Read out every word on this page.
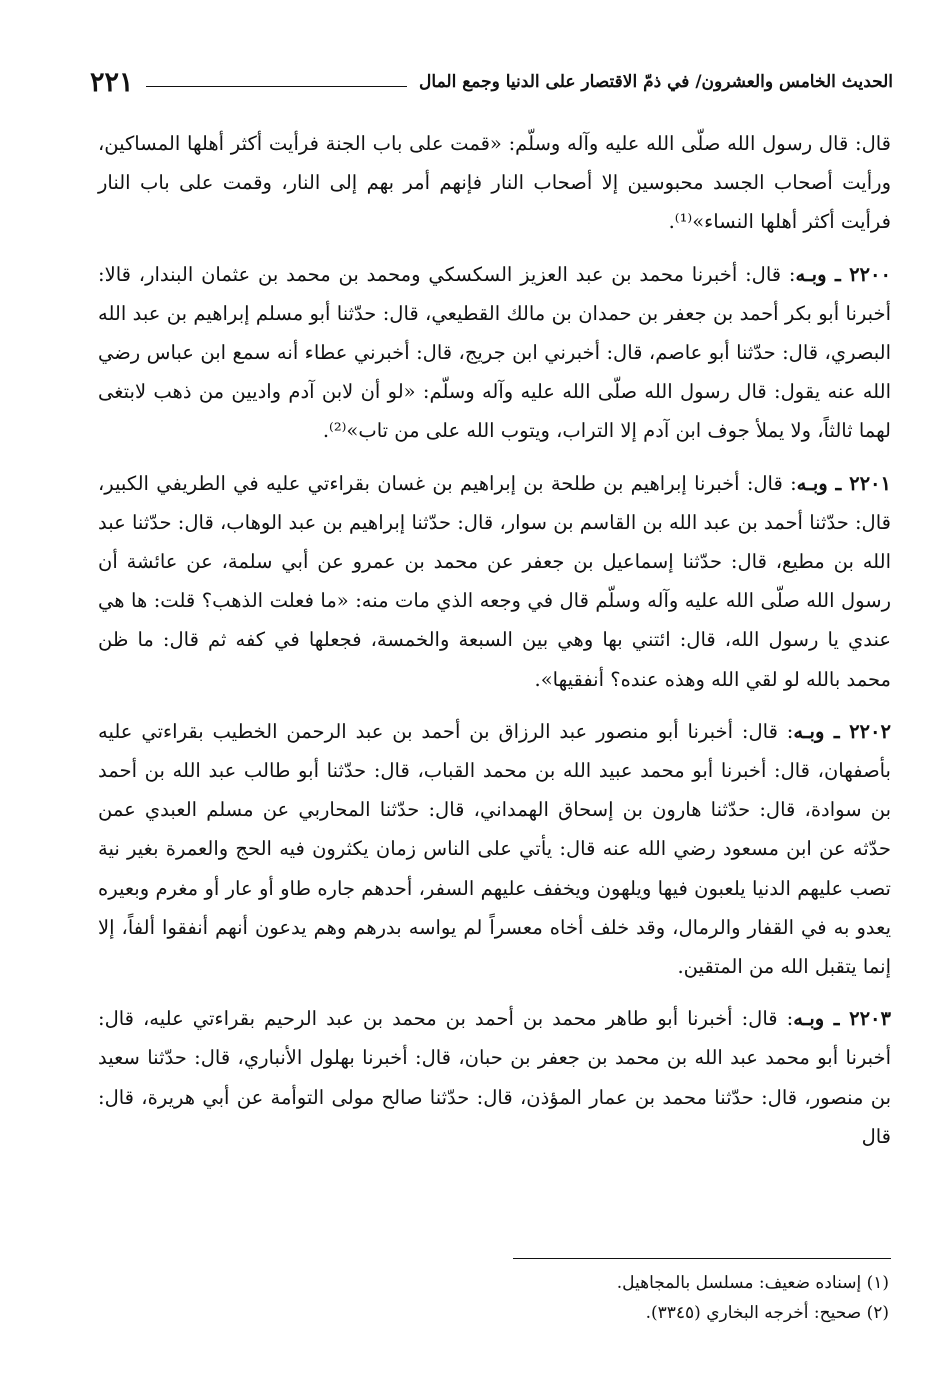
٢٢١	الحديث الخامس والعشرون/ في ذمّ الاقتصار على الدنيا وجمع المال

قال: قال رسول الله صلّى الله عليه وآله وسلّم: «قمت على باب الجنة فرأيت أكثر أهلها المساكين، ورأيت أصحاب الجسد محبوسين إلا أصحاب النار فإنهم أمر بهم إلى النار، وقمت على باب النار فرأيت أكثر أهلها النساء»⁽¹⁾.

٢٢٠٠ ـ وبـه: قال: أخبرنا محمد بن عبد العزيز السكسكي ومحمد بن محمد بن عثمان البندار، قالا: أخبرنا أبو بكر أحمد بن جعفر بن حمدان بن مالك القطيعي، قال: حدّثنا أبو مسلم إبراهيم بن عبد الله البصري، قال: حدّثنا أبو عاصم، قال: أخبرني ابن جريج، قال: أخبرني عطاء أنه سمع ابن عباس رضي الله عنه يقول: قال رسول الله صلّى الله عليه وآله وسلّم: «لو أن لابن آدم واديين من ذهب لابتغى لهما ثالثاً، ولا يملأ جوف ابن آدم إلا التراب، ويتوب الله على من تاب»⁽²⁾.

٢٢٠١ ـ وبـه: قال: أخبرنا إبراهيم بن طلحة بن إبراهيم بن غسان بقراءتي عليه في الطريفي الكبير، قال: حدّثنا أحمد بن عبد الله بن القاسم بن سوار، قال: حدّثنا إبراهيم بن عبد الوهاب، قال: حدّثنا عبد الله بن مطيع، قال: حدّثنا إسماعيل بن جعفر عن محمد بن عمرو عن أبي سلمة، عن عائشة أن رسول الله صلّى الله عليه وآله وسلّم قال في وجعه الذي مات منه: «ما فعلت الذهب؟ قلت: ها هي عندي يا رسول الله، قال: ائتني بها وهي بين السبعة والخمسة، فجعلها في كفه ثم قال: ما ظن محمد بالله لو لقي الله وهذه عنده؟ أنفقيها».

٢٢٠٢ ـ وبـه: قال: أخبرنا أبو منصور عبد الرزاق بن أحمد بن عبد الرحمن الخطيب بقراءتي عليه بأصفهان، قال: أخبرنا أبو محمد عبيد الله بن محمد القباب، قال: حدّثنا أبو طالب عبد الله بن أحمد بن سوادة، قال: حدّثنا هارون بن إسحاق الهمداني، قال: حدّثنا المحاربي عن مسلم العبدي عمن حدّثه عن ابن مسعود رضي الله عنه قال: يأتي على الناس زمان يكثرون فيه الحج والعمرة بغير نية تصب عليهم الدنيا يلعبون فيها ويلهون ويخفف عليهم السفر، أحدهم جاره طاو أو عار أو مغرم وبعيره يعدو به في القفار والرمال، وقد خلف أخاه معسراً لم يواسه بدرهم وهم يدعون أنهم أنفقوا ألفاً، إلا إنما يتقبل الله من المتقين.

٢٢٠٣ ـ وبـه: قال: أخبرنا أبو طاهر محمد بن أحمد بن محمد بن عبد الرحيم بقراءتي عليه، قال: أخبرنا أبو محمد عبد الله بن محمد بن جعفر بن حبان، قال: أخبرنا بهلول الأنباري، قال: حدّثنا سعيد بن منصور، قال: حدّثنا محمد بن عمار المؤذن، قال: حدّثنا صالح مولى التوأمة عن أبي هريرة، قال: قال

(١) إسناده ضعيف: مسلسل بالمجاهيل.

(٢) صحيح: أخرجه البخاري (٣٣٤٥).
